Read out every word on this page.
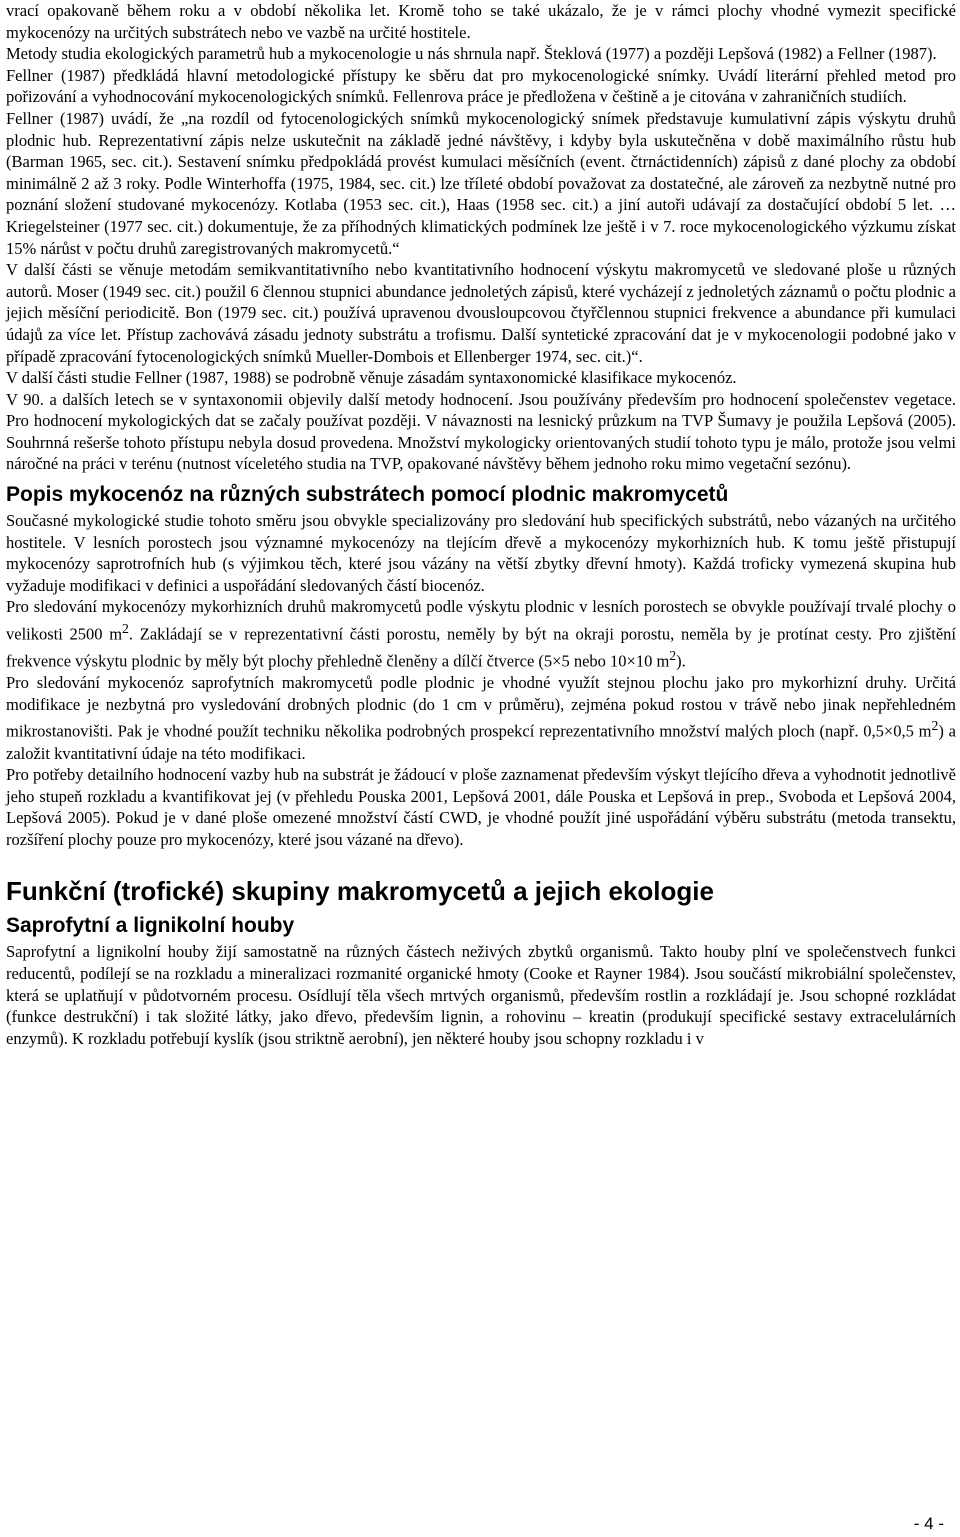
vrací opakovaně během roku a v období několika let. Kromě toho se také ukázalo, že je v rámci plochy vhodné vymezit specifické mykocenózy na určitých substrátech nebo ve vazbě na určité hostitele.

Metody studia ekologických parametrů hub a mykocenologie u nás shrnula např. Šteklová (1977) a později Lepšová (1982) a Fellner (1987).

Fellner (1987) předkládá hlavní metodologické přístupy ke sběru dat pro mykocenologické snímky. Uvádí literární přehled metod pro pořizování a vyhodnocování mykocenologických snímků. Fellenrova práce je předložena v češtině a je citována v zahraničních studiích.

Fellner (1987) uvádí, že „na rozdíl od fytocenologických snímků mykocenologický snímek představuje kumulativní zápis výskytu druhů plodnic hub. Reprezentativní zápis nelze uskutečnit na základě jedné návštěvy, i kdyby byla uskutečněna v době maximálního růstu hub (Barman 1965, sec. cit.). Sestavení snímku předpokládá provést kumulaci měsíčních (event. čtrnáctidenních) zápisů z dané plochy za období minimálně 2 až 3 roky. Podle Winterhoffa (1975, 1984, sec. cit.) lze tříleté období považovat za dostatečné, ale zároveň za nezbytně nutné pro poznání složení studované mykocenózy. Kotlaba (1953 sec. cit.), Haas (1958 sec. cit.) a jiní autoři udávají za dostačující období 5 let. … Kriegelsteiner (1977 sec. cit.) dokumentuje, že za příhodných klimatických podmínek lze ještě i v 7. roce mykocenologického výzkumu získat 15% nárůst v počtu druhů zaregistrovaných makromycetů.“

V další části se věnuje metodám semikvantitativního nebo kvantitativního hodnocení výskytu makromycetů ve sledované ploše u různých autorů. Moser (1949 sec. cit.) použil 6 člennou stupnici abundance jednoletých zápisů, které vycházejí z jednoletých záznamů o počtu plodnic a jejich měsíční periodicitě. Bon (1979 sec. cit.) používá upravenou dvousloupcovou čtyřčlennou stupnici frekvence a abundance při kumulaci údajů za více let. Přístup zachovává zásadu jednoty substrátu a trofismu. Další syntetické zpracování dat je v mykocenologii podobné jako v případě zpracování fytocenologických snímků Mueller-Dombois et Ellenberger 1974, sec. cit.)“.

V další části studie Fellner (1987, 1988) se podrobně věnuje zásadám syntaxonomické klasifikace mykocenóz.

V 90. a dalších letech se v syntaxonomii objevily další metody hodnocení. Jsou používány především pro hodnocení společenstev vegetace. Pro hodnocení mykologických dat se začaly používat později. V návaznosti na lesnický průzkum na TVP Šumavy je použila Lepšová (2005). Souhrnná rešerše tohoto přístupu nebyla dosud provedena. Množství mykologicky orientovaných studií tohoto typu je málo, protože jsou velmi náročné na práci v terénu (nutnost víceletého studia na TVP, opakované návštěvy během jednoho roku mimo vegetační sezónu).

Popis mykocenóz na různých substrátech pomocí plodnic makromycetů

Současné mykologické studie tohoto směru jsou obvykle specializovány pro sledování hub specifických substrátů, nebo vázaných na určitého hostitele. V lesních porostech jsou významné mykocenózy na tlejícím dřevě a mykocenózy mykorhizních hub. K tomu ještě přistupují mykocenózy saprotrofních hub (s výjimkou těch, které jsou vázány na větší zbytky dřevní hmoty). Každá troficky vymezená skupina hub vyžaduje modifikaci v definici a uspořádání sledovaných částí biocenóz.

Pro sledování mykocenózy mykorhizních druhů makromycetů podle výskytu plodnic v lesních porostech se obvykle používají trvalé plochy o velikosti 2500 $m^2$. Zakládají se v reprezentativní části porostu, neměly by být na okraji porostu, neměla by je protínat cesty. Pro zjištění frekvence výskytu plodnic by měly být plochy přehledně členěny a dílčí čtverce (5×5 nebo 10×10 $m^2$).

Pro sledování mykocenóz saprofytních makromycetů podle plodnic je vhodné využít stejnou plochu jako pro mykorhizní druhy. Určitá modifikace je nezbytná pro vysledování drobných plodnic (do 1 cm v průměru), zejména pokud rostou v trávě nebo jinak nepřehledném mikrostanovišti. Pak je vhodné použít techniku několika podrobných prospekcí reprezentativního množství malých ploch (např. 0,5×0,5 $m^2$) a založit kvantitativní údaje na této modifikaci.

Pro potřeby detailního hodnocení vazby hub na substrát je žádoucí v ploše zaznamenat především výskyt tlejícího dřeva a vyhodnotit jednotlivě jeho stupeň rozkladu a kvantifikovat jej (v přehledu Pouska 2001, Lepšová 2001, dále Pouska et Lepšová in prep., Svoboda et Lepšová 2004, Lepšová 2005). Pokud je v dané ploše omezené množství částí CWD, je vhodné použít jiné uspořádání výběru substrátu (metoda transektu, rozšíření plochy pouze pro mykocenózy, které jsou vázané na dřevo).

Funkční (trofické) skupiny makromycetů a jejich ekologie
Saprofytní a lignikolní houby

Saprofytní a lignikolní houby žijí samostatně na různých částech neživých zbytků organismů. Takto houby plní ve společenstvech funkci reducentů, podílejí se na rozkladu a mineralizaci rozmanité organické hmoty (Cooke et Rayner 1984). Jsou součástí mikrobiální společenstev, která se uplatňují v půdotvorném procesu. Osídlují těla všech mrtvých organismů, především rostlin a rozkládají je. Jsou schopné rozkládat (funkce destrukční) i tak složité látky, jako dřevo, především lignin, a rohovinu – kreatin (produkují specifické sestavy extracelulárních enzymů). K rozkladu potřebují kyslík (jsou striktně aerobní), jen některé houby jsou schopny rozkladu i v

- 4 -
